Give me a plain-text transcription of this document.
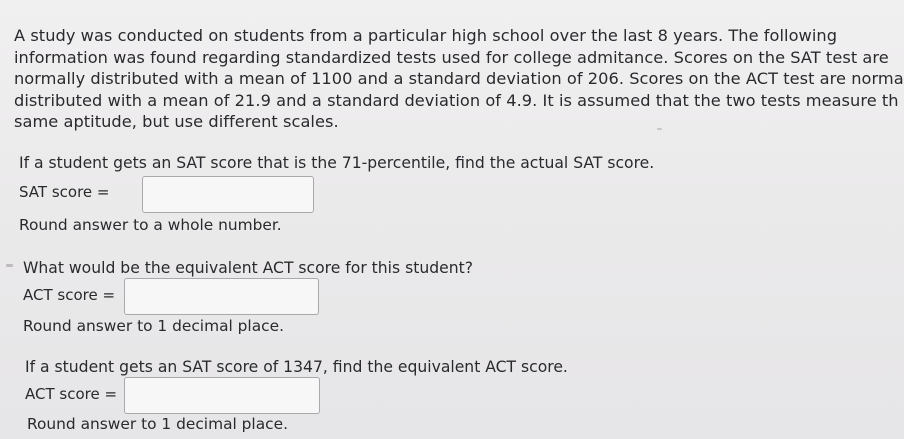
A study was conducted on students from a particular high school over the last 8 years. The following
information was found regarding standardized tests used for college admitance. Scores on the SAT test are
normally distributed with a mean of 1100 and a standard deviation of 206. Scores on the ACT test are norma
distributed with a mean of 21.9 and a standard deviation of 4.9. It is assumed that the two tests measure th
same aptitude, but use different scales.

If a student gets an SAT score that is the 71-percentile, find the actual SAT score.

SAT score =
Round answer to a whole number.

What would be the equivalent ACT score for this student?

ACT score =
Round answer to 1 decimal place.

If a student gets an SAT score of 1347, find the equivalent ACT score.

ACT score =
Round answer to 1 decimal place.
